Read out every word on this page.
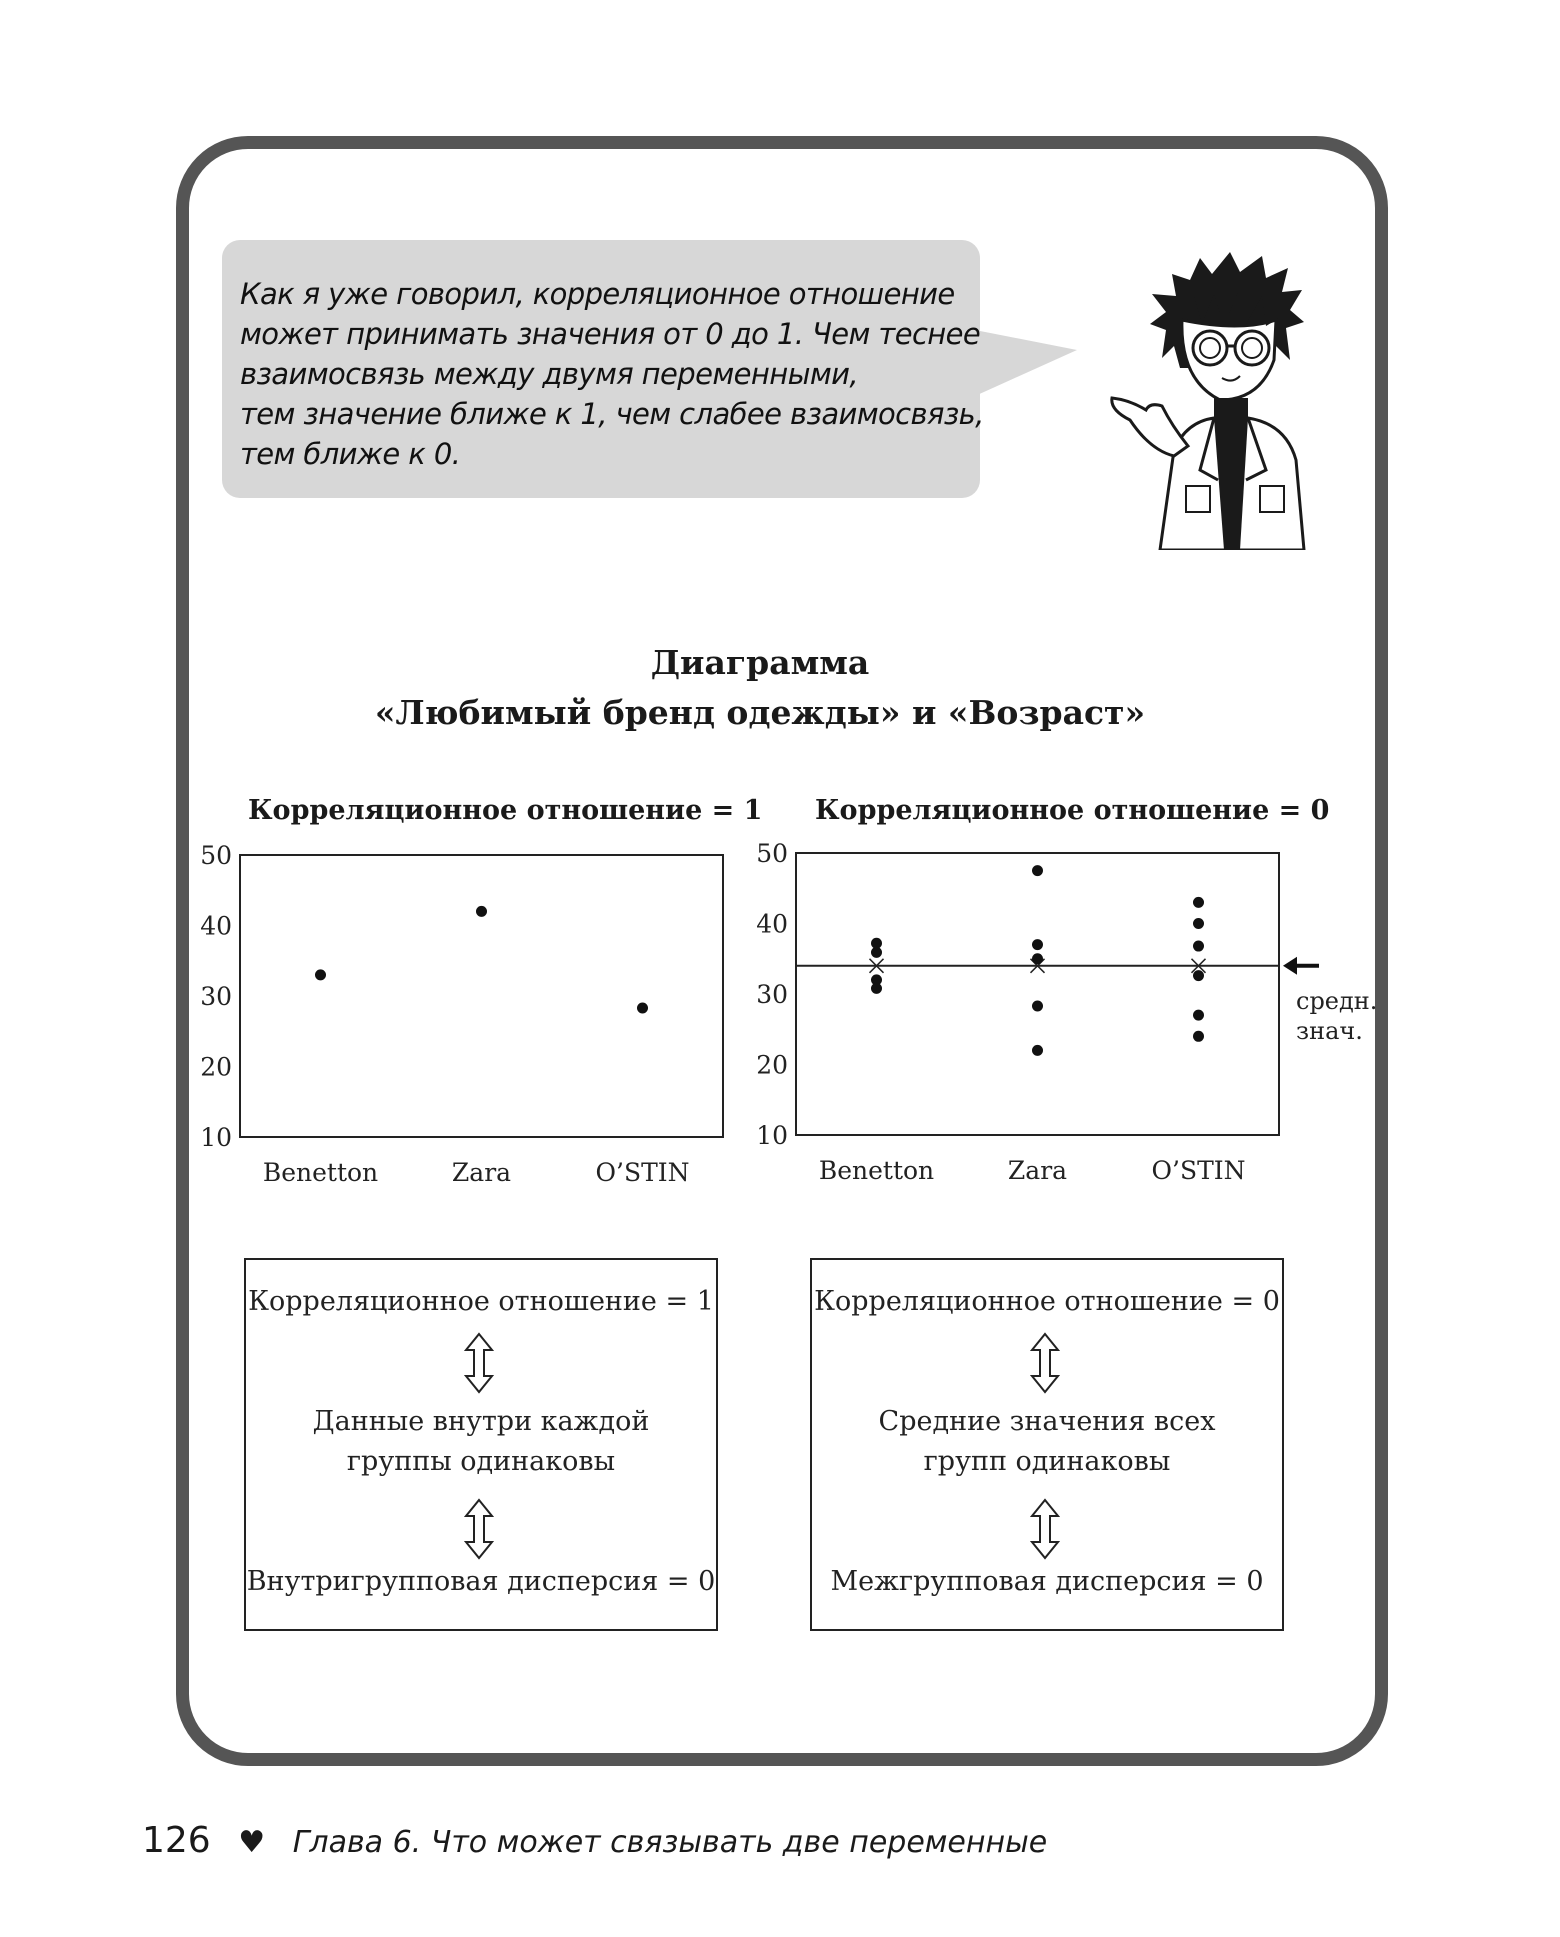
Как я уже говорил, корреляционное отношение
может принимать значения от 0 до 1. Чем теснее
взаимосвязь между двумя переменными,
тем значение ближе к 1, чем слабее взаимосвязь,
тем ближе к 0.
Диаграмма
«Любимый бренд одежды» и «Возраст»
Корреляционное отношение = 1 Корреляционное отношение = 0
10
20
30
40
50
Benetton	Zara	O’STIN
10
20
30
40
50
Benetton	Zara	O’STIN
средн.
знач.
Корреляционное отношение = 1
Данные внутри каждой
группы одинаковы
Внутригрупповая дисперсия = 0
Корреляционное отношение = 0
Средние значения всех
групп одинаковы
Межгрупповая дисперсия = 0
126 ♥ Глава 6. Что может связывать две переменные
